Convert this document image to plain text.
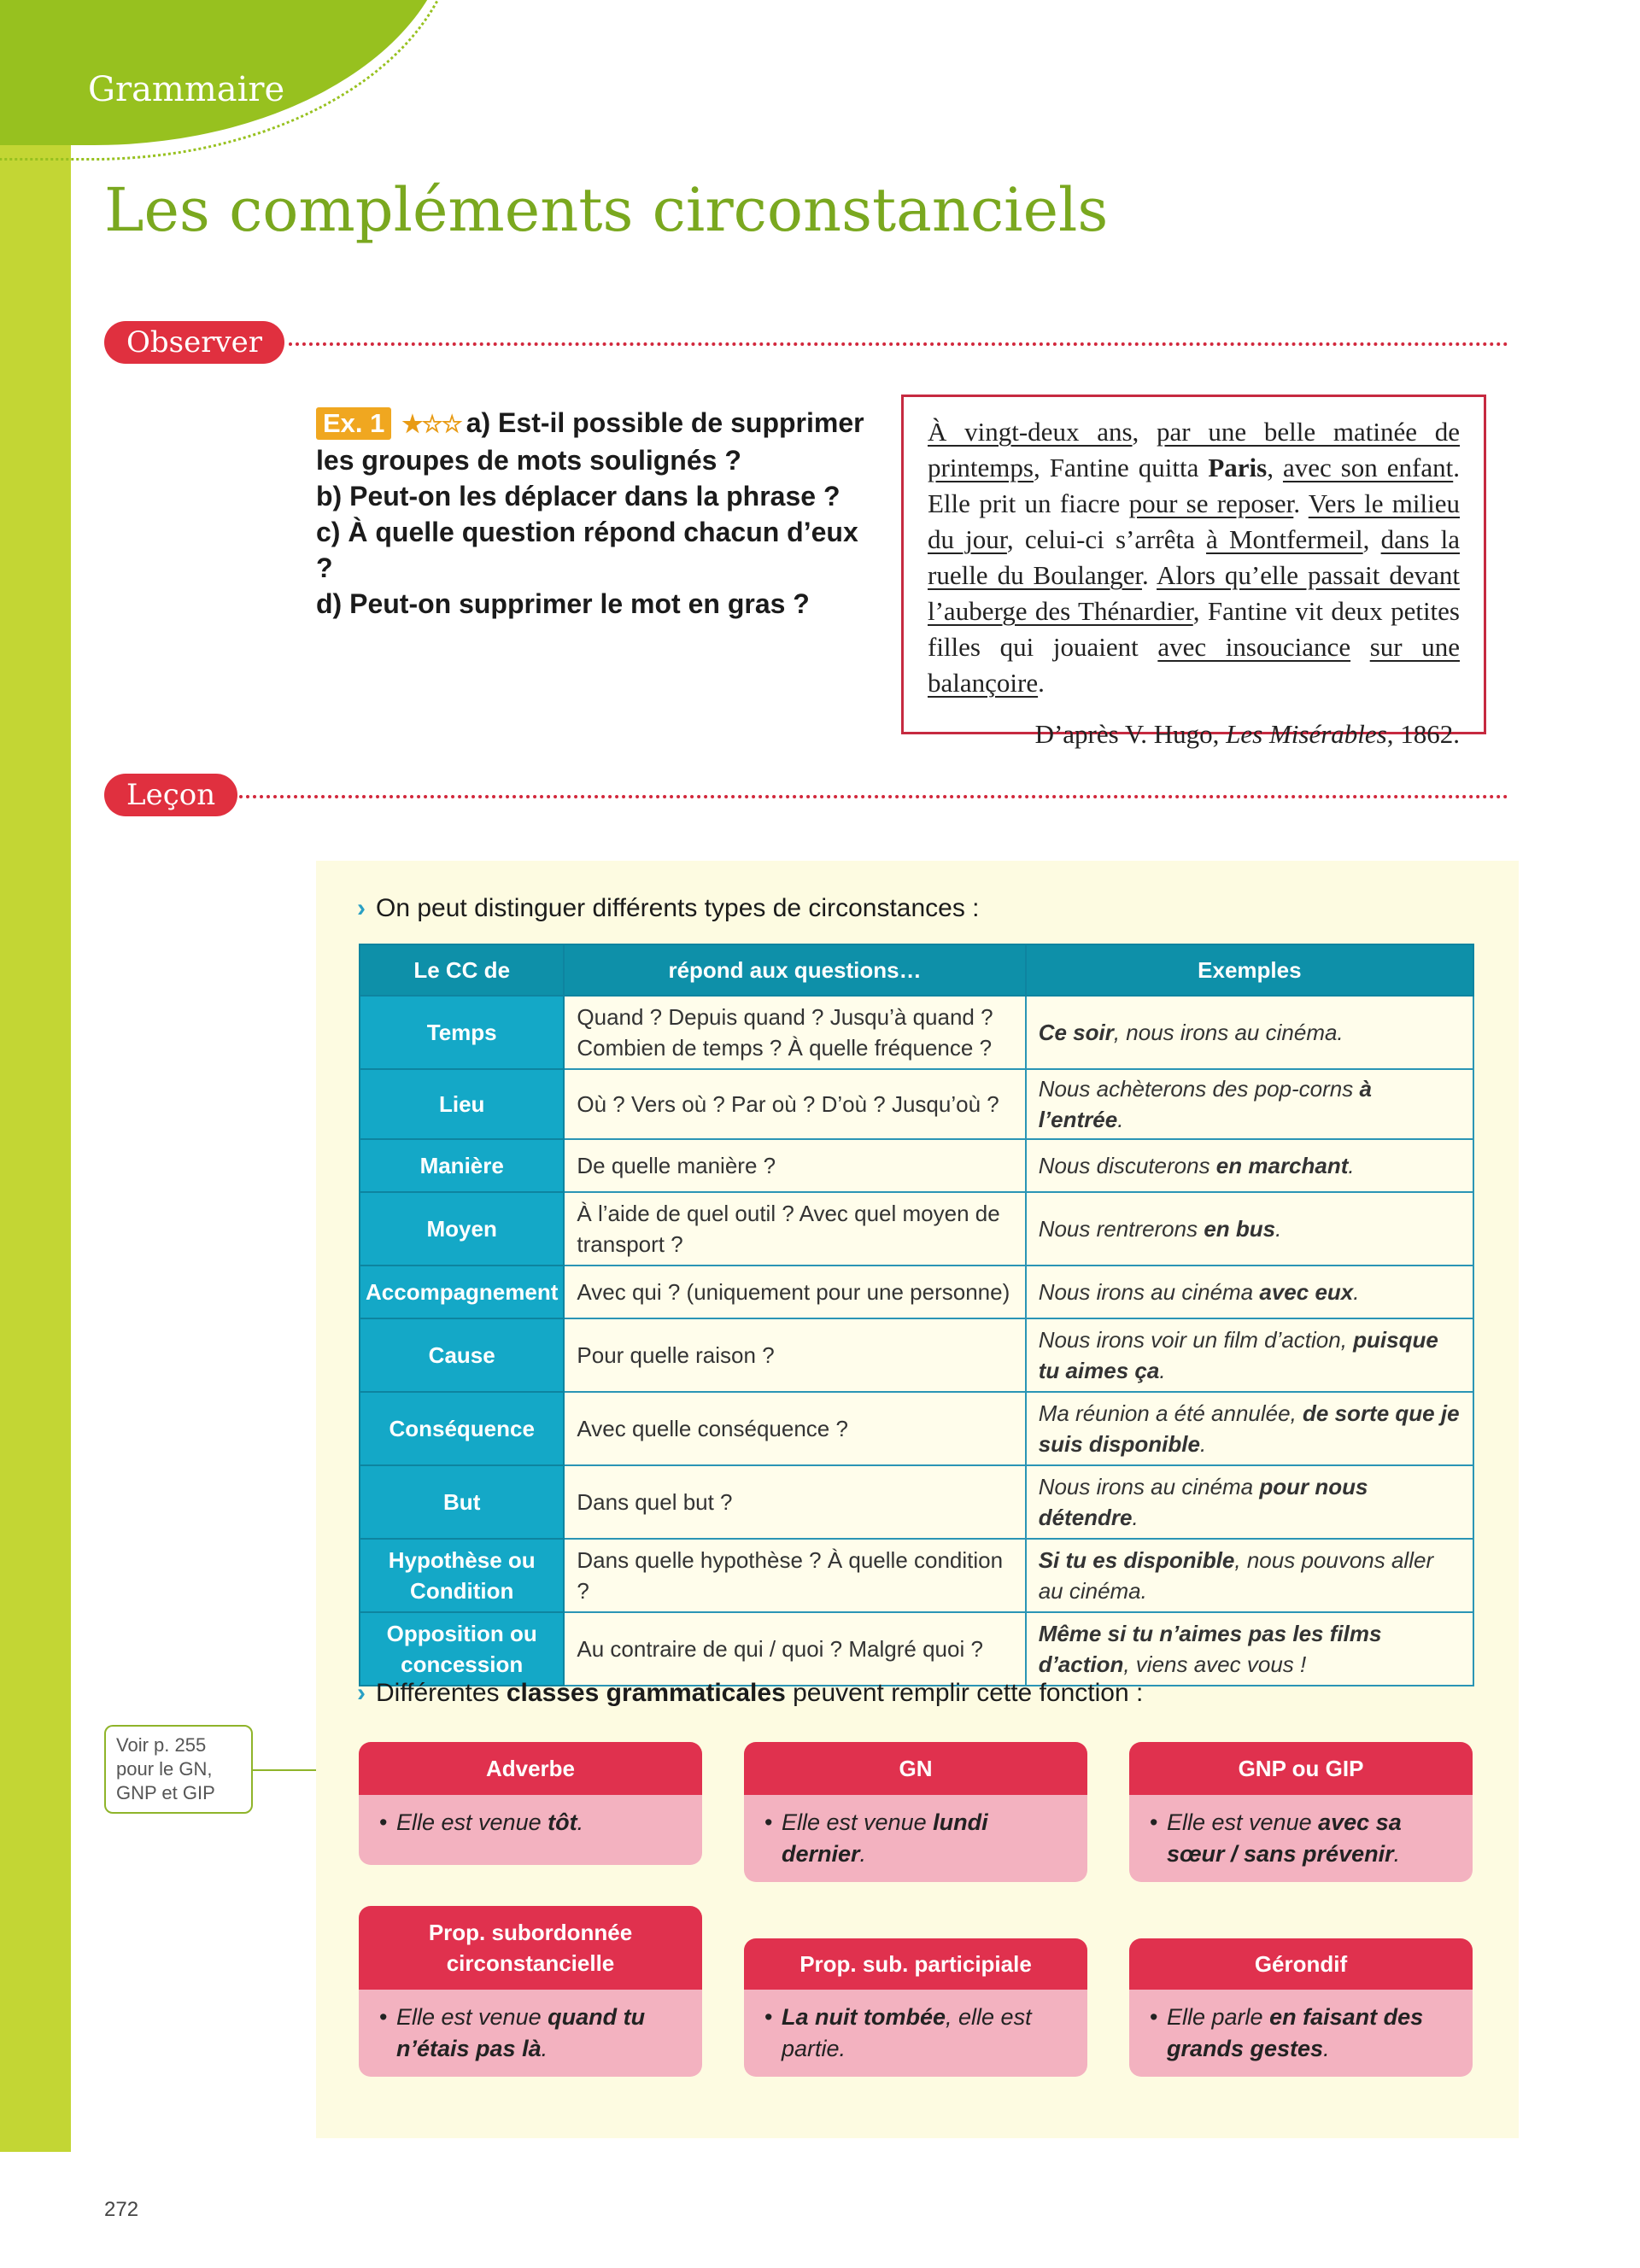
Grammaire
Les compléments circonstanciels
Observer
Ex. 1 ★☆☆ a) Est-il possible de supprimer les groupes de mots soulignés ?
b) Peut-on les déplacer dans la phrase ?
c) À quelle question répond chacun d’eux ?
d) Peut-on supprimer le mot en gras ?
À vingt-deux ans, par une belle matinée de printemps, Fantine quitta Paris, avec son enfant. Elle prit un fiacre pour se reposer. Vers le milieu du jour, celui-ci s’arrêta à Montfermeil, dans la ruelle du Boulanger. Alors qu’elle passait devant l’auberge des Thénardier, Fantine vit deux petites filles qui jouaient avec insouciance sur une balançoire.
D’après V. Hugo, Les Misérables, 1862.
Leçon
› On peut distinguer différents types de circonstances :
Le CC de	répond aux questions…	Exemples
Temps	Quand ? Depuis quand ? Jusqu’à quand ? Combien de temps ? À quelle fréquence ?	Ce soir, nous irons au cinéma.
Lieu	Où ? Vers où ? Par où ? D’où ? Jusqu’où ?	Nous achèterons des pop-corns à l’entrée.
Manière	De quelle manière ?	Nous discuterons en marchant.
Moyen	À l’aide de quel outil ? Avec quel moyen de transport ?	Nous rentrerons en bus.
Accompagnement	Avec qui ? (uniquement pour une personne)	Nous irons au cinéma avec eux.
Cause	Pour quelle raison ?	Nous irons voir un film d’action, puisque tu aimes ça.
Conséquence	Avec quelle conséquence ?	Ma réunion a été annulée, de sorte que je suis disponible.
But	Dans quel but ?	Nous irons au cinéma pour nous détendre.
Hypothèse ou Condition	Dans quelle hypothèse ? À quelle condition ?	Si tu es disponible, nous pouvons aller au cinéma.
Opposition ou concession	Au contraire de qui / quoi ? Malgré quoi ?	Même si tu n’aimes pas les films d’action, viens avec vous !
› Différentes classes grammaticales peuvent remplir cette fonction :
Voir p. 255 pour le GN, GNP et GIP
Adverbe
• Elle est venue tôt.
GN
• Elle est venue lundi dernier.
GNP ou GIP
• Elle est venue avec sa sœur / sans prévenir.
Prop. subordonnée circonstancielle
• Elle est venue quand tu n’étais pas là.
Prop. sub. participiale
• La nuit tombée, elle est partie.
Gérondif
• Elle parle en faisant des grands gestes.
272
